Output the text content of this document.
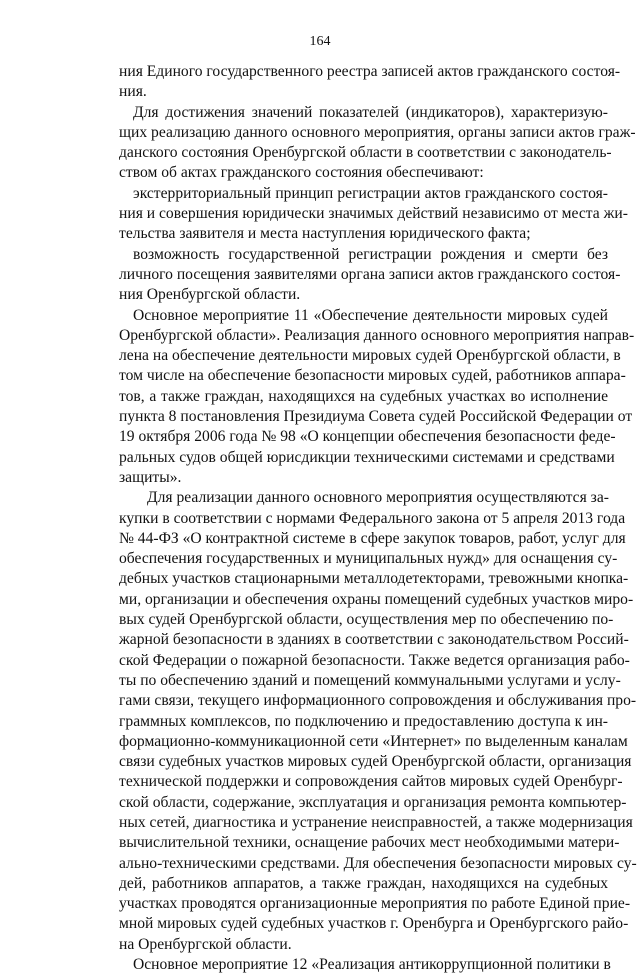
164
ния Единого государственного реестра записей актов гражданского состоя-
ния.
Для достижения значений показателей (индикаторов), характеризую-
щих реализацию данного основного мероприятия, органы записи актов граж-
данского состояния Оренбургской области в соответствии с законодатель-
ством об актах гражданского состояния обеспечивают:
экстерриториальный принцип регистрации актов гражданского состоя-
ния и совершения юридически значимых действий независимо от места жи-
тельства заявителя и места наступления юридического факта;
возможность государственной регистрации рождения и смерти без
личного посещения заявителями органа записи актов гражданского состоя-
ния Оренбургской области.
Основное мероприятие 11 «Обеспечение деятельности мировых судей
Оренбургской области». Реализация данного основного мероприятия направ-
лена на обеспечение деятельности мировых судей Оренбургской области, в
том числе на обеспечение безопасности мировых судей, работников аппара-
тов, а также граждан, находящихся на судебных участках во исполнение
пункта 8 постановления Президиума Совета судей Российской Федерации от
19 октября 2006 года № 98 «О концепции обеспечения безопасности феде-
ральных судов общей юрисдикции техническими системами и средствами
защиты».
Для реализации данного основного мероприятия осуществляются за-
купки в соответствии с нормами Федерального закона от 5 апреля 2013 года
№ 44-ФЗ «О контрактной системе в сфере закупок товаров, работ, услуг для
обеспечения государственных и муниципальных нужд» для оснащения су-
дебных участков стационарными металлодетекторами, тревожными кнопка-
ми, организации и обеспечения охраны помещений судебных участков миро-
вых судей Оренбургской области, осуществления мер по обеспечению по-
жарной безопасности в зданиях в соответствии с законодательством Россий-
ской Федерации о пожарной безопасности. Также ведется организация рабо-
ты по обеспечению зданий и помещений коммунальными услугами и услу-
гами связи, текущего информационного сопровождения и обслуживания про-
граммных комплексов, по подключению и предоставлению доступа к ин-
формационно-коммуникационной сети «Интернет» по выделенным каналам
связи судебных участков мировых судей Оренбургской области, организация
технической поддержки и сопровождения сайтов мировых судей Оренбург-
ской области, содержание, эксплуатация и организация ремонта компьютер-
ных сетей, диагностика и устранение неисправностей, а также модернизация
вычислительной техники, оснащение рабочих мест необходимыми матери-
ально-техническими средствами. Для обеспечения безопасности мировых су-
дей, работников аппаратов, а также граждан, находящихся на судебных
участках проводятся организационные мероприятия по работе Единой прие-
мной мировых судей судебных участков г. Оренбурга и Оренбургского райо-
на Оренбургской области.
Основное мероприятие 12 «Реализация антикоррупционной политики в
